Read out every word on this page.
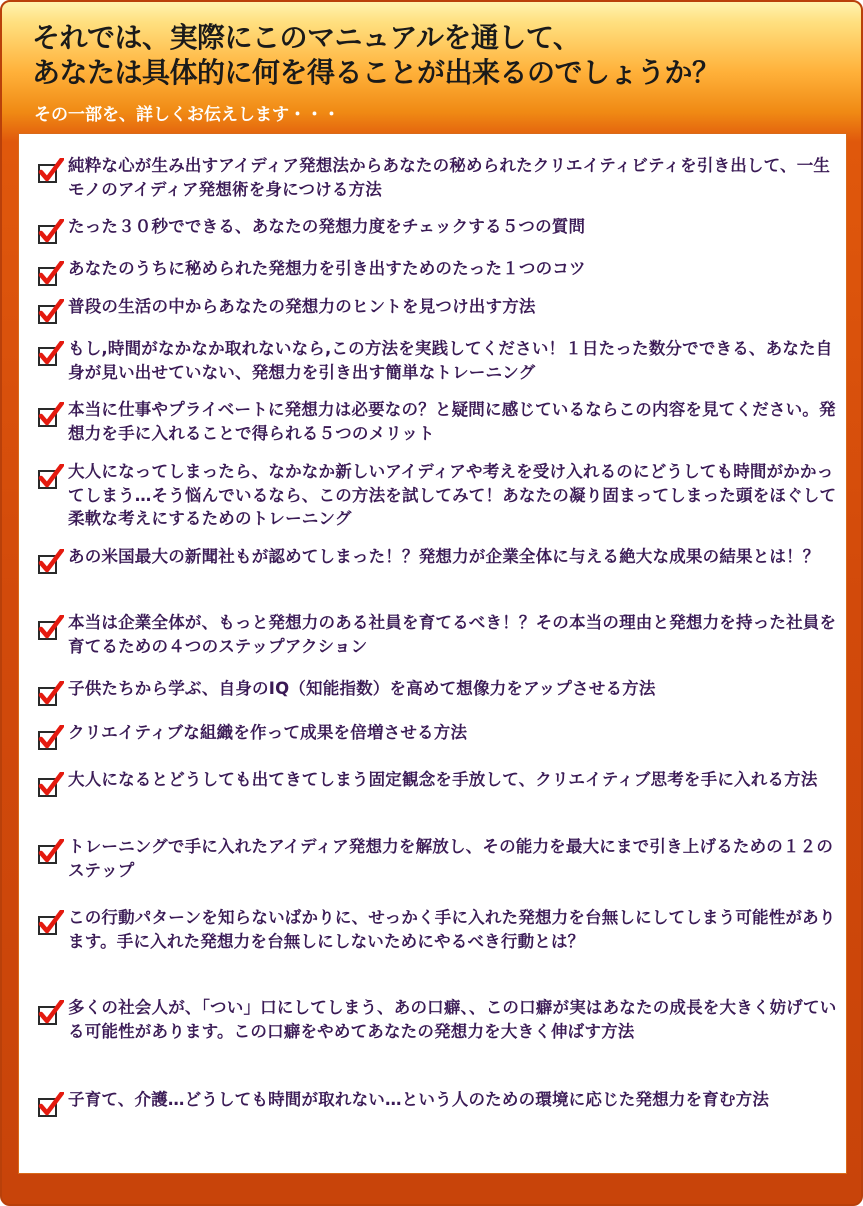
それでは、実際にこのマニュアルを通して、
あなたは具体的に何を得ることが出来るのでしょうか？

その一部を、詳しくお伝えします・・・

純粋な心が生み出すアイディア発想法からあなたの秘められたクリエイティビティを引き出して、一生モノのアイディア発想術を身につける方法

たった３０秒でできる、あなたの発想力度をチェックする５つの質問

あなたのうちに秘められた発想力を引き出すためのたった１つのコツ

普段の生活の中からあなたの発想力のヒントを見つけ出す方法

もし,時間がなかなか取れないなら,この方法を実践してください！１日たった数分でできる、あなた自身が見い出せていない、発想力を引き出す簡単なトレーニング

本当に仕事やプライベートに発想力は必要なの？と疑問に感じているならこの内容を見てください。発想力を手に入れることで得られる５つのメリット

大人になってしまったら、なかなか新しいアイディアや考えを受け入れるのにどうしても時間がかかってしまう…そう悩んでいるなら、この方法を試してみて！あなたの凝り固まってしまった頭をほぐして柔軟な考えにするためのトレーニング

あの米国最大の新聞社もが認めてしまった！？発想力が企業全体に与える絶大な成果の結果とは！？

本当は企業全体が、もっと発想力のある社員を育てるべき！？その本当の理由と発想力を持った社員を育てるための４つのステップアクション

子供たちから学ぶ、自身のIQ（知能指数）を高めて想像力をアップさせる方法

クリエイティブな組織を作って成果を倍増させる方法

大人になるとどうしても出てきてしまう固定観念を手放して、クリエイティブ思考を手に入れる方法

トレーニングで手に入れたアイディア発想力を解放し、その能力を最大にまで引き上げるための１２のステップ

この行動パターンを知らないばかりに、せっかく手に入れた発想力を台無しにしてしまう可能性があります。手に入れた発想力を台無しにしないためにやるべき行動とは？

多くの社会人が、「つい」口にしてしまう、あの口癖、、この口癖が実はあなたの成長を大きく妨げている可能性があります。この口癖をやめてあなたの発想力を大きく伸ばす方法

子育て、介護…どうしても時間が取れない…という人のための環境に応じた発想力を育む方法
